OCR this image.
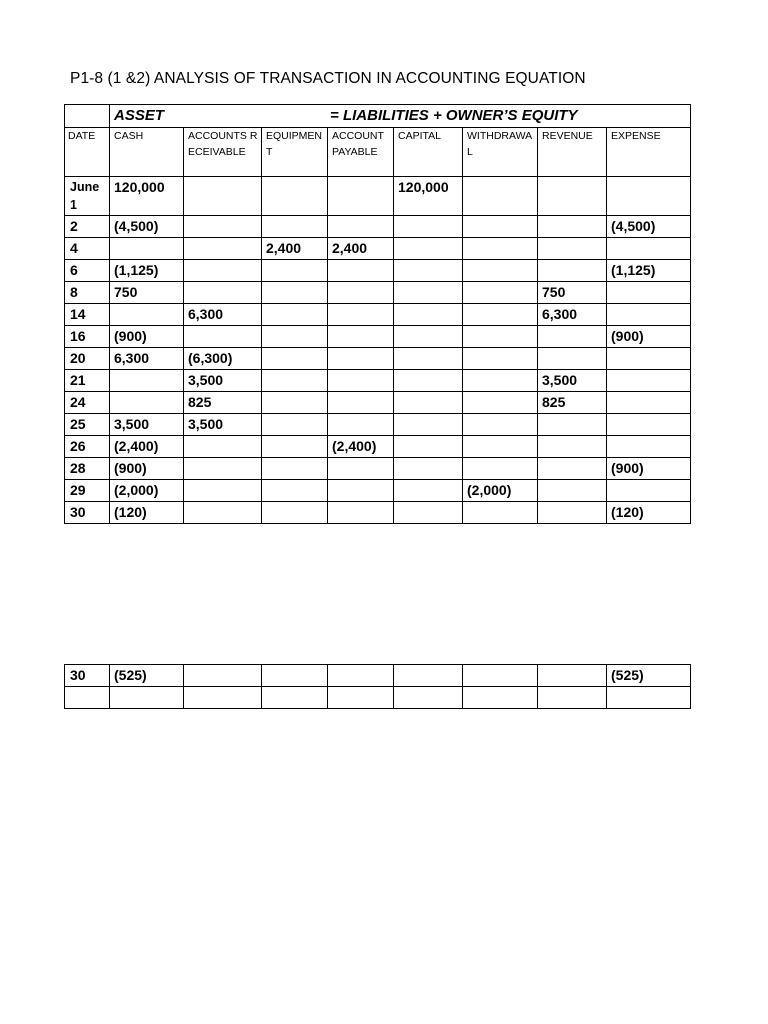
P1-8 (1 &2) ANALYSIS OF TRANSACTION IN ACCOUNTING EQUATION
	ASSET = LIABILITIES + OWNER’S EQUITY							
DATE	CASH	ACCOUNTS RECEIVABLE	EQUIPMENT	ACCOUNT PAYABLE	CAPITAL	WITHDRAWAL	REVENUE	EXPENSE
June 1	120,000				120,000			
2	(4,500)							(4,500)
4			2,400	2,400				
6	(1,125)							(1,125)
8	750						750	
14		6,300					6,300	
16	(900)							(900)
20	6,300	(6,300)						
21		3,500					3,500	
24		825					825	
25	3,500	3,500						
26	(2,400)			(2,400)				
28	(900)							(900)
29	(2,000)					(2,000)		
30	(120)							(120)
30	(525)							(525)
